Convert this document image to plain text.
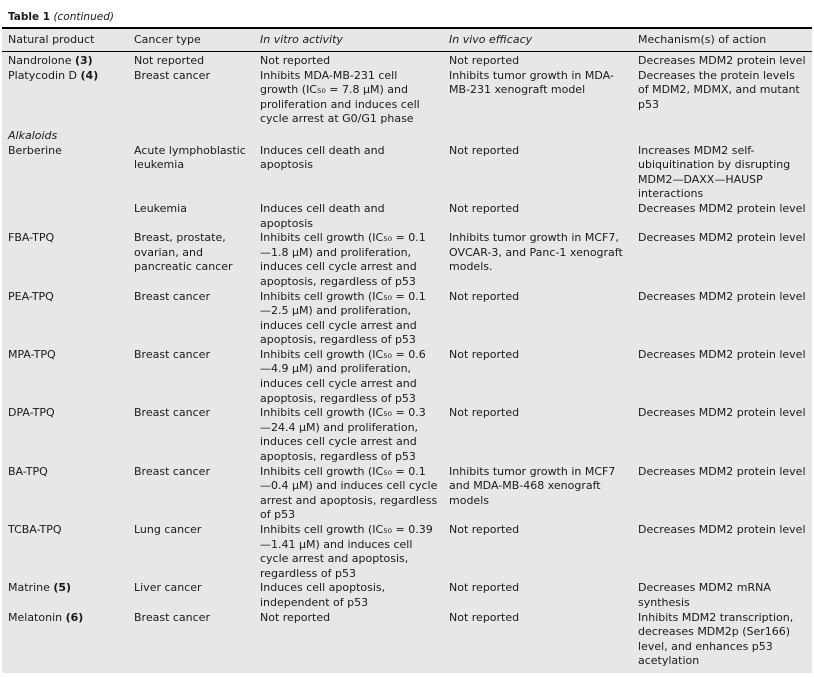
Table 1 (continued)
Natural product	Cancer type	In vitro activity	In vivo efficacy	Mechanism(s) of action
Nandrolone (3)	Not reported	Not reported	Not reported	Decreases MDM2 protein level
Platycodin D (4)	Breast cancer	Inhibits MDA-MB-231 cell growth (IC₅₀ = 7.8 μM) and proliferation and induces cell cycle arrest at G0/G1 phase	Inhibits tumor growth in MDA-MB-231 xenograft model	Decreases the protein levels of MDM2, MDMX, and mutant p53
Alkaloids				
Berberine	Acute lymphoblastic leukemia	Induces cell death and apoptosis	Not reported	Increases MDM2 self-ubiquitination by disrupting MDM2—DAXX—HAUSP interactions
	Leukemia	Induces cell death and apoptosis	Not reported	Decreases MDM2 protein level
FBA-TPQ	Breast, prostate, ovarian, and pancreatic cancer	Inhibits cell growth (IC₅₀ = 0.1 —1.8 μM) and proliferation, induces cell cycle arrest and apoptosis, regardless of p53	Inhibits tumor growth in MCF7, OVCAR-3, and Panc-1 xenograft models.	Decreases MDM2 protein level
PEA-TPQ	Breast cancer	Inhibits cell growth (IC₅₀ = 0.1 —2.5 μM) and proliferation, induces cell cycle arrest and apoptosis, regardless of p53	Not reported	Decreases MDM2 protein level
MPA-TPQ	Breast cancer	Inhibits cell growth (IC₅₀ = 0.6 —4.9 μM) and proliferation, induces cell cycle arrest and apoptosis, regardless of p53	Not reported	Decreases MDM2 protein level
DPA-TPQ	Breast cancer	Inhibits cell growth (IC₅₀ = 0.3 —24.4 μM) and proliferation, induces cell cycle arrest and apoptosis, regardless of p53	Not reported	Decreases MDM2 protein level
BA-TPQ	Breast cancer	Inhibits cell growth (IC₅₀ = 0.1 —0.4 μM) and induces cell cycle arrest and apoptosis, regardless of p53	Inhibits tumor growth in MCF7 and MDA-MB-468 xenograft models	Decreases MDM2 protein level
TCBA-TPQ	Lung cancer	Inhibits cell growth (IC₅₀ = 0.39—1.41 μM) and induces cell cycle arrest and apoptosis, regardless of p53	Not reported	Decreases MDM2 protein level
Matrine (5)	Liver cancer	Induces cell apoptosis, independent of p53	Not reported	Decreases MDM2 mRNA synthesis
Melatonin (6)	Breast cancer	Not reported	Not reported	Inhibits MDM2 transcription, decreases MDM2p (Ser166) level, and enhances p53 acetylation
